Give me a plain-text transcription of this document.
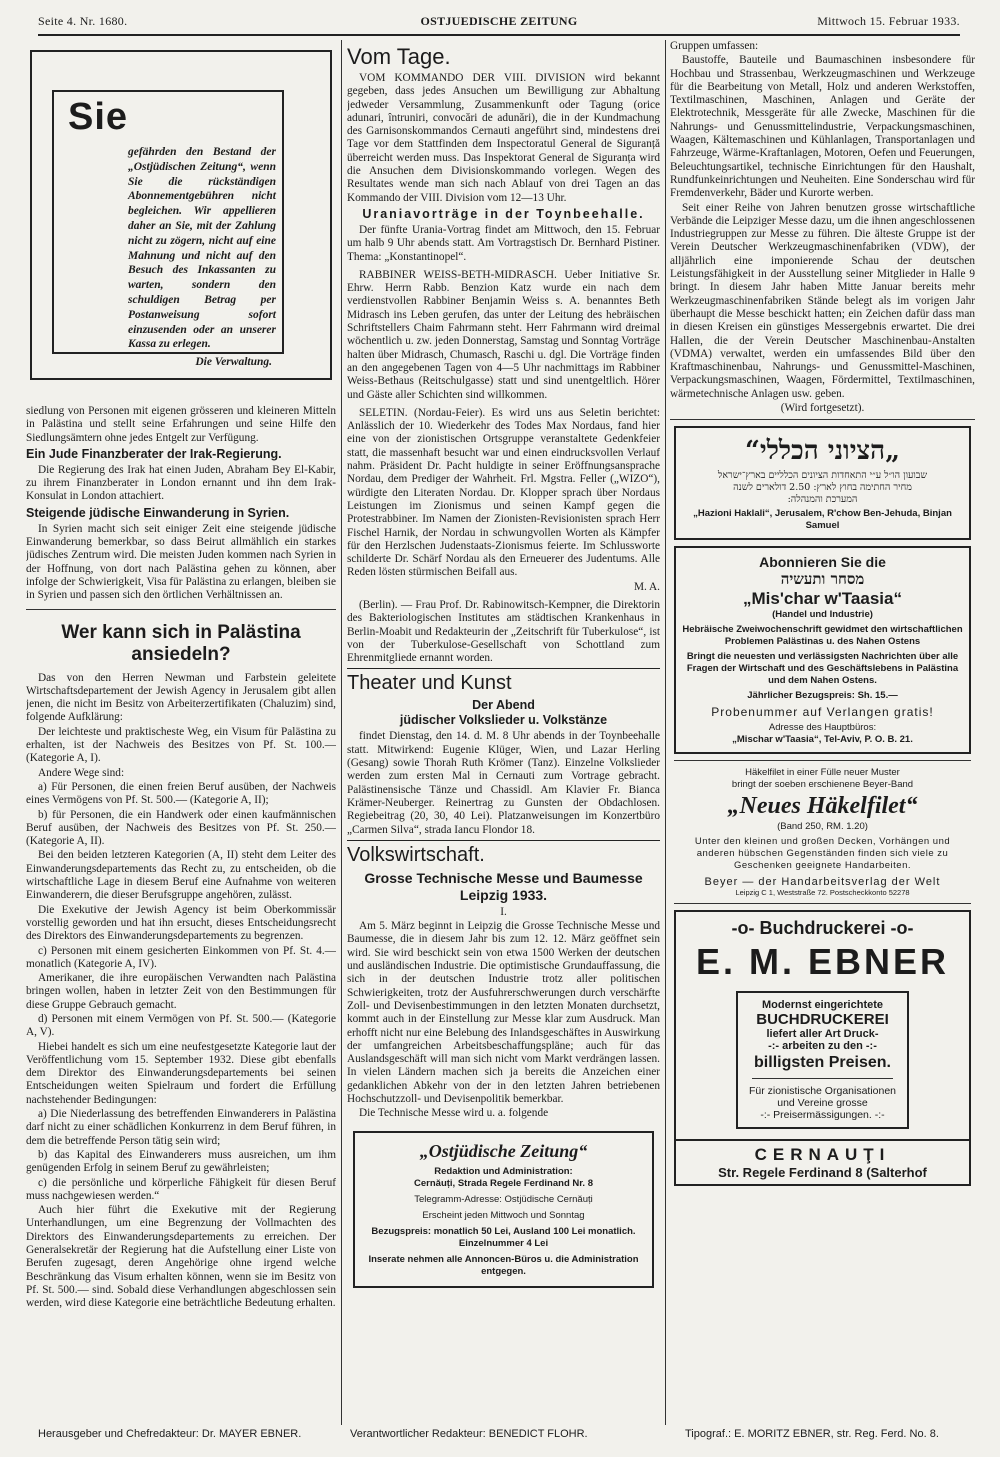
Seite 4. Nr. 1680.	OSTJUEDISCHE ZEITUNG	Mittwoch 15. Februar 1933.
Sie
gefährden den Bestand der „Ostjüdischen Zeitung“, wenn Sie die rückständigen Abonnementgebühren nicht begleichen. Wir appellieren daher an Sie, mit der Zahlung nicht zu zögern, nicht auf eine Mahnung und nicht auf den Besuch des Inkassanten zu warten, sondern den schuldigen Betrag per Postanweisung sofort einzusenden oder an unserer Kassa zu erlegen.
Die Verwaltung.

siedlung von Personen mit eigenen grösseren und kleineren Mitteln in Palästina und stellt seine Erfahrungen und seine Hilfe den Siedlungsämtern ohne jedes Entgelt zur Verfügung.

Ein Jude Finanzberater der Irak-Regierung.

Die Regierung des Irak hat einen Juden, Abraham Bey El-Kabir, zu ihrem Finanzberater in London ernannt und ihn dem Irak-Konsulat in London attachiert.

Steigende jüdische Einwanderung in Syrien.

In Syrien macht sich seit einiger Zeit eine steigende jüdische Einwanderung bemerkbar, so dass Beirut allmählich ein starkes jüdisches Zentrum wird. Die meisten Juden kommen nach Syrien in der Hoffnung, von dort nach Palästina gehen zu können, aber infolge der Schwierigkeit, Visa für Palästina zu erlangen, bleiben sie in Syrien und passen sich den örtlichen Verhältnissen an.

Wer kann sich in Palästina ansiedeln?

Das von den Herren Newman und Farbstein geleitete Wirtschaftsdepartement der Jewish Agency in Jerusalem gibt allen jenen, die nicht im Besitz von Arbeiterzertifikaten (Chaluzim) sind, folgende Aufklärung:

Der leichteste und praktischeste Weg, ein Visum für Palästina zu erhalten, ist der Nachweis des Besitzes von Pf. St. 100.— (Kategorie A, I).

Andere Wege sind:

a) Für Personen, die einen freien Beruf ausüben, der Nachweis eines Vermögens von Pf. St. 500.— (Kategorie A, II);

b) für Personen, die ein Handwerk oder einen kaufmännischen Beruf ausüben, der Nachweis des Besitzes von Pf. St. 250.— (Kategorie A, II).

Bei den beiden letzteren Kategorien (A, II) steht dem Leiter des Einwanderungsdepartements das Recht zu, zu entscheiden, ob die wirtschaftliche Lage in diesem Beruf eine Aufnahme von weiteren Einwanderern, die dieser Berufsgruppe angehören, zulässt.

Die Exekutive der Jewish Agency ist beim Oberkommissär vorstellig geworden und hat ihn ersucht, dieses Entscheidungsrecht des Direktors des Einwanderungsdepartements zu begrenzen.

c) Personen mit einem gesicherten Einkommen von Pf. St. 4.— monatlich (Kategorie A, IV).

Amerikaner, die ihre europäischen Verwandten nach Palästina bringen wollen, haben in letzter Zeit von den Bestimmungen für diese Gruppe Gebrauch gemacht.

d) Personen mit einem Vermögen von Pf. St. 500.— (Kategorie A, V).

Hiebei handelt es sich um eine neufestgesetzte Kategorie laut der Veröffentlichung vom 15. September 1932. Diese gibt ebenfalls dem Direktor des Einwanderungsdepartements bei seinen Entscheidungen weiten Spielraum und fordert die Erfüllung nachstehender Bedingungen:

a) Die Niederlassung des betreffenden Einwanderers in Palästina darf nicht zu einer schädlichen Konkurrenz in dem Beruf führen, in dem die betreffende Person tätig sein wird;

b) das Kapital des Einwanderers muss ausreichen, um ihm genügenden Erfolg in seinem Beruf zu gewährleisten;

c) die persönliche und körperliche Fähigkeit für diesen Beruf muss nachgewiesen werden.“

Auch hier führt die Exekutive mit der Regierung Unterhandlungen, um eine Begrenzung der Vollmachten des Direktors des Einwanderungsdepartements zu erreichen. Der Generalsekretär der Regierung hat die Aufstellung einer Liste von Berufen zugesagt, deren Angehörige ohne irgend welche Beschränkung das Visum erhalten können, wenn sie im Besitz von Pf. St. 500.— sind. Sobald diese Verhandlungen abgeschlossen sein werden, wird diese Kategorie eine beträchtliche Bedeutung erhalten.

Vom Tage.

VOM KOMMANDO DER VIII. DIVISION wird bekannt gegeben, dass jedes Ansuchen um Bewilligung zur Abhaltung jedweder Versammlung, Zusammenkunft oder Tagung (orice adunari, întruniri, convocări de adunări), die in der Kundmachung des Garnisonskommandos Cernauti angeführt sind, mindestens drei Tage vor dem Stattfinden dem Inspectoratul General de Siguranță überreicht werden muss. Das Inspektorat General de Siguranța wird die Ansuchen dem Divisionskommando vorlegen. Wegen des Resultates wende man sich nach Ablauf von drei Tagen an das Kommando der VIII. Division vom 12—13 Uhr.

Uraniavorträge in der Toynbeehalle.

Der fünfte Urania-Vortrag findet am Mittwoch, den 15. Februar um halb 9 Uhr abends statt. Am Vortragstisch Dr. Bernhard Pistiner. Thema: „Konstantinopel“.

RABBINER WEISS-BETH-MIDRASCH. Ueber Initiative Sr. Ehrw. Herrn Rabb. Benzion Katz wurde ein nach dem verdienstvollen Rabbiner Benjamin Weiss s. A. benanntes Beth Midrasch ins Leben gerufen, das unter der Leitung des hebräischen Schriftstellers Chaim Fahrmann steht. Herr Fahrmann wird dreimal wöchentlich u. zw. jeden Donnerstag, Samstag und Sonntag Vorträge halten über Midrasch, Chumasch, Raschi u. dgl. Die Vorträge finden an den angegebenen Tagen von 4—5 Uhr nachmittags im Rabbiner Weiss-Bethaus (Reitschulgasse) statt und sind unentgeltlich. Hörer und Gäste aller Schichten sind willkommen.

SELETIN. (Nordau-Feier). Es wird uns aus Seletin berichtet: Anlässlich der 10. Wiederkehr des Todes Max Nordaus, fand hier eine von der zionistischen Ortsgruppe veranstaltete Gedenkfeier statt, die massenhaft besucht war und einen eindrucksvollen Verlauf nahm. Präsident Dr. Pacht huldigte in seiner Eröffnungsansprache Nordau, dem Prediger der Wahrheit. Frl. Mgstra. Feller („WIZO“), würdigte den Literaten Nordau. Dr. Klopper sprach über Nordaus Leistungen im Zionismus und seinen Kampf gegen die Protestrabbiner. Im Namen der Zionisten-Revisionisten sprach Herr Fischel Harnik, der Nordau in schwungvollen Worten als Kämpfer für den Herzlschen Judenstaats-Zionismus feierte. Im Schlussworte schilderte Dr. Schärf Nordau als den Erneuerer des Judentums. Alle Reden lösten stürmischen Beifall aus.

M. A.

(Berlin). — Frau Prof. Dr. Rabinowitsch-Kempner, die Direktorin des Bakteriologischen Institutes am städtischen Krankenhaus in Berlin-Moabit und Redakteurin der „Zeitschrift für Tuberkulose“, ist von der Tuberkulose-Gesellschaft von Schottland zum Ehrenmitgliede ernannt worden.

Theater und Kunst
Der Abend
jüdischer Volkslieder u. Volkstänze

findet Dienstag, den 14. d. M. 8 Uhr abends in der Toynbeehalle statt. Mitwirkend: Eugenie Klüger, Wien, und Lazar Herling (Gesang) sowie Thorah Ruth Krömer (Tanz). Einzelne Volkslieder werden zum ersten Mal in Cernauti zum Vortrage gebracht. Palästinensische Tänze und Chassidl. Am Klavier Fr. Bianca Krämer-Neuberger. Reinertrag zu Gunsten der Obdachlosen. Regiebeitrag (20, 30, 40 Lei). Platzanweisungen im Konzertbüro „Carmen Silva“, strada Iancu Flondor 18.

Volkswirtschaft.
Grosse Technische Messe und Baumesse Leipzig 1933.

I.

Am 5. März beginnt in Leipzig die Grosse Technische Messe und Baumesse, die in diesem Jahr bis zum 12. 12. März geöffnet sein wird. Sie wird beschickt sein von etwa 1500 Werken der deutschen und ausländischen Industrie. Die optimistische Grundauffassung, die sich in der deutschen Industrie trotz aller politischen Schwierigkeiten, trotz der Ausfuhrerschwerungen durch verschärfte Zoll- und Devisenbestimmungen in den letzten Monaten durchsetzt, kommt auch in der Einstellung zur Messe klar zum Ausdruck. Man erhofft nicht nur eine Belebung des Inlandsgeschäftes in Auswirkung der umfangreichen Arbeitsbeschaffungspläne; auch für das Auslandsgeschäft will man sich nicht vom Markt verdrängen lassen. In vielen Ländern machen sich ja bereits die Anzeichen einer gedanklichen Abkehr von der in den letzten Jahren betriebenen Hochschutzzoll- und Devisenpolitik bemerkbar.

Die Technische Messe wird u. a. folgende

„Ostjüdische Zeitung“
Redaktion und Administration:
Cernăuți, Strada Regele Ferdinand Nr. 8
Telegramm-Adresse: Ostjüdische Cernăuți
Erscheint jeden Mittwoch und Sonntag
Bezugspreis: monatlich 50 Lei, Ausland 100 Lei monatlich. Einzelnummer 4 Lei
Inserate nehmen alle Annoncen-Büros u. die Administration entgegen.

Gruppen umfassen:

Baustoffe, Bauteile und Baumaschinen insbesondere für Hochbau und Strassenbau, Werkzeugmaschinen und Werkzeuge für die Bearbeitung von Metall, Holz und anderen Werkstoffen, Textilmaschinen, Maschinen, Anlagen und Geräte der Elektrotechnik, Messgeräte für alle Zwecke, Maschinen für die Nahrungs- und Genussmittelindustrie, Verpackungsmaschinen, Waagen, Kältemaschinen und Kühlanlagen, Transportanlagen und Fahrzeuge, Wärme-Kraftanlagen, Motoren, Oefen und Feuerungen, Beleuchtungsartikel, technische Einrichtungen für den Haushalt, Rundfunkeinrichtungen und Neuheiten. Eine Sonderschau wird für Fremdenverkehr, Bäder und Kurorte werben.

Seit einer Reihe von Jahren benutzen grosse wirtschaftliche Verbände die Leipziger Messe dazu, um die ihnen angeschlossenen Industriegruppen zur Messe zu führen. Die älteste Gruppe ist der Verein Deutscher Werkzeugmaschinenfabriken (VDW), der alljährlich eine imponierende Schau der deutschen Leistungsfähigkeit in der Ausstellung seiner Mitglieder in Halle 9 bringt. In diesem Jahr haben Mitte Januar bereits mehr Werkzeugmaschinenfabriken Stände belegt als im vorigen Jahr überhaupt die Messe beschickt hatten; ein Zeichen dafür dass man in diesen Kreisen ein günstiges Messergebnis erwartet. Die drei Hallen, die der Verein Deutscher Maschinenbau-Anstalten (VDMA) verwaltet, werden ein umfassendes Bild über den Kraftmaschinenbau, Nahrungs- und Genussmittel-Maschinen, Verpackungsmaschinen, Waagen, Fördermittel, Textilmaschinen, wärmetechnische Anlagen usw. geben.

(Wird fortgesetzt).

„הציוני הכללי“
שבועון הו״ל ע״י התאחדות הציונים הכלליים בארץ־ישראל
מחיר החתימה בחוץ לארץ: 2.50 דולארים לשנה
המערכת והמנהלה:
„Hazioni Haklali“, Jerusalem, R'chow Ben-Jehuda, Binjan Samuel
Abonnieren Sie die
מסחר ותעשיה
„Mis'char w'Taasia“
(Handel und Industrie)
Hebräische Zweiwochenschrift gewidmet den wirtschaftlichen Problemen Palästinas u. des Nahen Ostens
Bringt die neuesten und verlässigsten Nachrichten über alle Fragen der Wirtschaft und des Geschäftslebens in Palästina und dem Nahen Ostens.
Jährlicher Bezugspreis: Sh. 15.—
Probenummer auf Verlangen gratis!
Adresse des Hauptbüros:
„Mischar w'Taasia“, Tel-Aviv, P. O. B. 21.
Häkelfilet in einer Fülle neuer Muster
bringt der soeben erschienene Beyer-Band
„Neues Häkelfilet“
(Band 250, RM. 1.20)
Unter den kleinen und großen Decken, Vorhängen und anderen hübschen Gegenständen finden sich viele zu Geschenken geeignete Handarbeiten.
Beyer — der Handarbeitsverlag der Welt
Leipzig C 1, Weststraße 72. Postscheckkonto 52278
-o- Buchdruckerei -o-
E. M. EBNER
Modernst eingerichtete
BUCHDRUCKEREI
liefert aller Art Druck-
-:- arbeiten zu den -:-
billigsten Preisen.
Für zionistische Organisationen und Vereine grosse
-:- Preisermässigungen. -:-
CERNAUŢI
Str. Regele Ferdinand 8 (Salterhof
Herausgeber und Chefredakteur: Dr. MAYER EBNER.	Verantwortlicher Redakteur: BENEDICT FLOHR.	Tipograf.: E. MORITZ EBNER, str. Reg. Ferd. No. 8.
